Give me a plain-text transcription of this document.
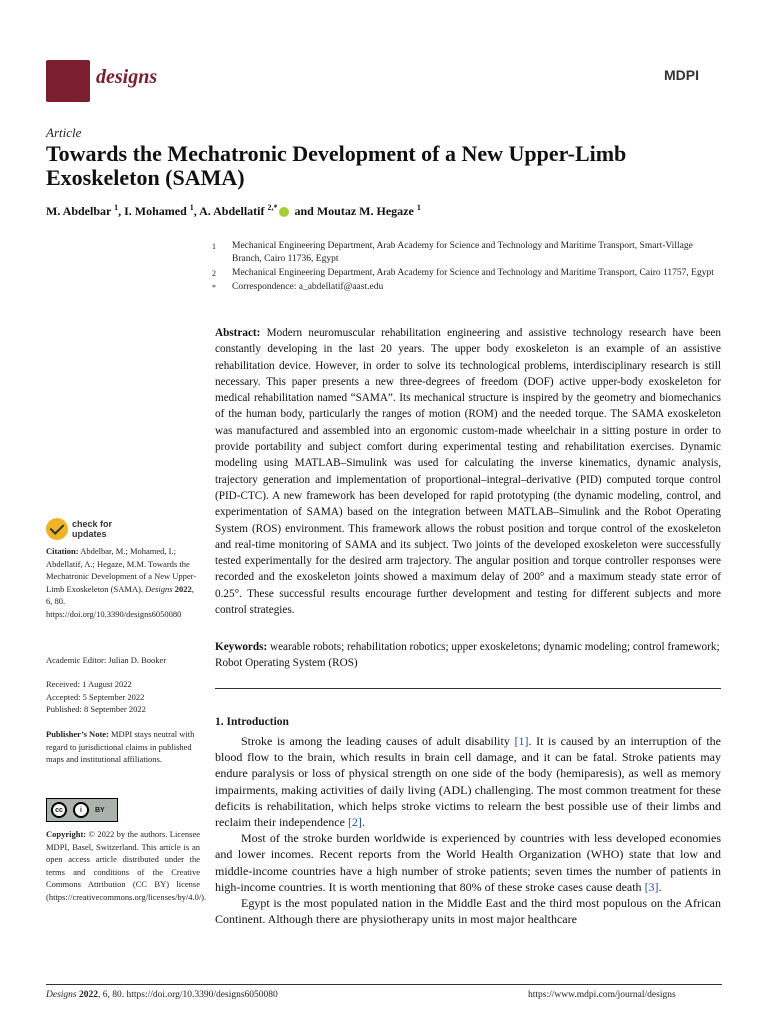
designs	MDPI
Article
Towards the Mechatronic Development of a New Upper-Limb Exoskeleton (SAMA)
M. Abdelbar $^1$, I. Mohamed $^1$, A. Abdellatif $^{2,*}$ and Moutaz M. Hegaze $^1$
1	Mechanical Engineering Department, Arab Academy for Science and Technology and Maritime Transport, Smart-Village Branch, Cairo 11736, Egypt
2	Mechanical Engineering Department, Arab Academy for Science and Technology and Maritime Transport, Cairo 11757, Egypt
*	Correspondence: a_abdellatif@aast.edu
Abstract: Modern neuromuscular rehabilitation engineering and assistive technology research have been constantly developing in the last 20 years. The upper body exoskeleton is an example of an assistive rehabilitation device. However, in order to solve its technological problems, interdisciplinary research is still necessary. This paper presents a new three-degrees of freedom (DOF) active upper-body exoskeleton for medical rehabilitation named “SAMA”. Its mechanical structure is inspired by the geometry and biomechanics of the human body, particularly the ranges of motion (ROM) and the needed torque. The SAMA exoskeleton was manufactured and assembled into an ergonomic custom-made wheelchair in a sitting posture in order to provide portability and subject comfort during experimental testing and rehabilitation exercises. Dynamic modeling using MATLAB–Simulink was used for calculating the inverse kinematics, dynamic analysis, trajectory generation and implementation of proportional–integral–derivative (PID) computed torque control (PID-CTC). A new framework has been developed for rapid prototyping (the dynamic modeling, control, and experimentation of SAMA) based on the integration between MATLAB–Simulink and the Robot Operating System (ROS) environment. This framework allows the robust position and torque control of the exoskeleton and real-time monitoring of SAMA and its subject. Two joints of the developed exoskeleton were successfully tested experimentally for the desired arm trajectory. The angular position and torque controller responses were recorded and the exoskeleton joints showed a maximum delay of 200° and a maximum steady state error of 0.25°. These successful results encourage further development and testing for different subjects and more control strategies.
Keywords: wearable robots; rehabilitation robotics; upper exoskeletons; dynamic modeling; control framework; Robot Operating System (ROS)
1. Introduction

Stroke is among the leading causes of adult disability [1]. It is caused by an interruption of the blood flow to the brain, which results in brain cell damage, and it can be fatal. Stroke patients may endure paralysis or loss of physical strength on one side of the body (hemiparesis), as well as memory impairments, making activities of daily living (ADL) challenging. The most common treatment for these deficits is rehabilitation, which helps stroke victims to relearn the best possible use of their limbs and reclaim their independence [2].

Most of the stroke burden worldwide is experienced by countries with less developed economies and lower incomes. Recent reports from the World Health Organization (WHO) state that low and middle-income countries have a high number of stroke patients; seven times the number of patients in high-income countries. It is worth mentioning that 80% of these stroke cases cause death [3].

Egypt is the most populated nation in the Middle East and the third most populous on the African Continent. Although there are physiotherapy units in most major healthcare

check for updates
Citation: Abdelbar, M.; Mohamed, I.; Abdellatif, A.; Hegaze, M.M. Towards the Mechatronic Development of a New Upper-Limb Exoskeleton (SAMA). Designs 2022, 6, 80. https://doi.org/10.3390/designs6050080
Academic Editor: Julian D. Booker
Received: 1 August 2022
Accepted: 5 September 2022
Published: 8 September 2022
Publisher’s Note: MDPI stays neutral with regard to jurisdictional claims in published maps and institutional affiliations.
cc	i	BY
Copyright: © 2022 by the authors. Licensee MDPI, Basel, Switzerland. This article is an open access article distributed under the terms and conditions of the Creative Commons Attribution (CC BY) license (https://creativecommons.org/licenses/by/4.0/).
Designs 2022, 6, 80. https://doi.org/10.3390/designs6050080	https://www.mdpi.com/journal/designs
